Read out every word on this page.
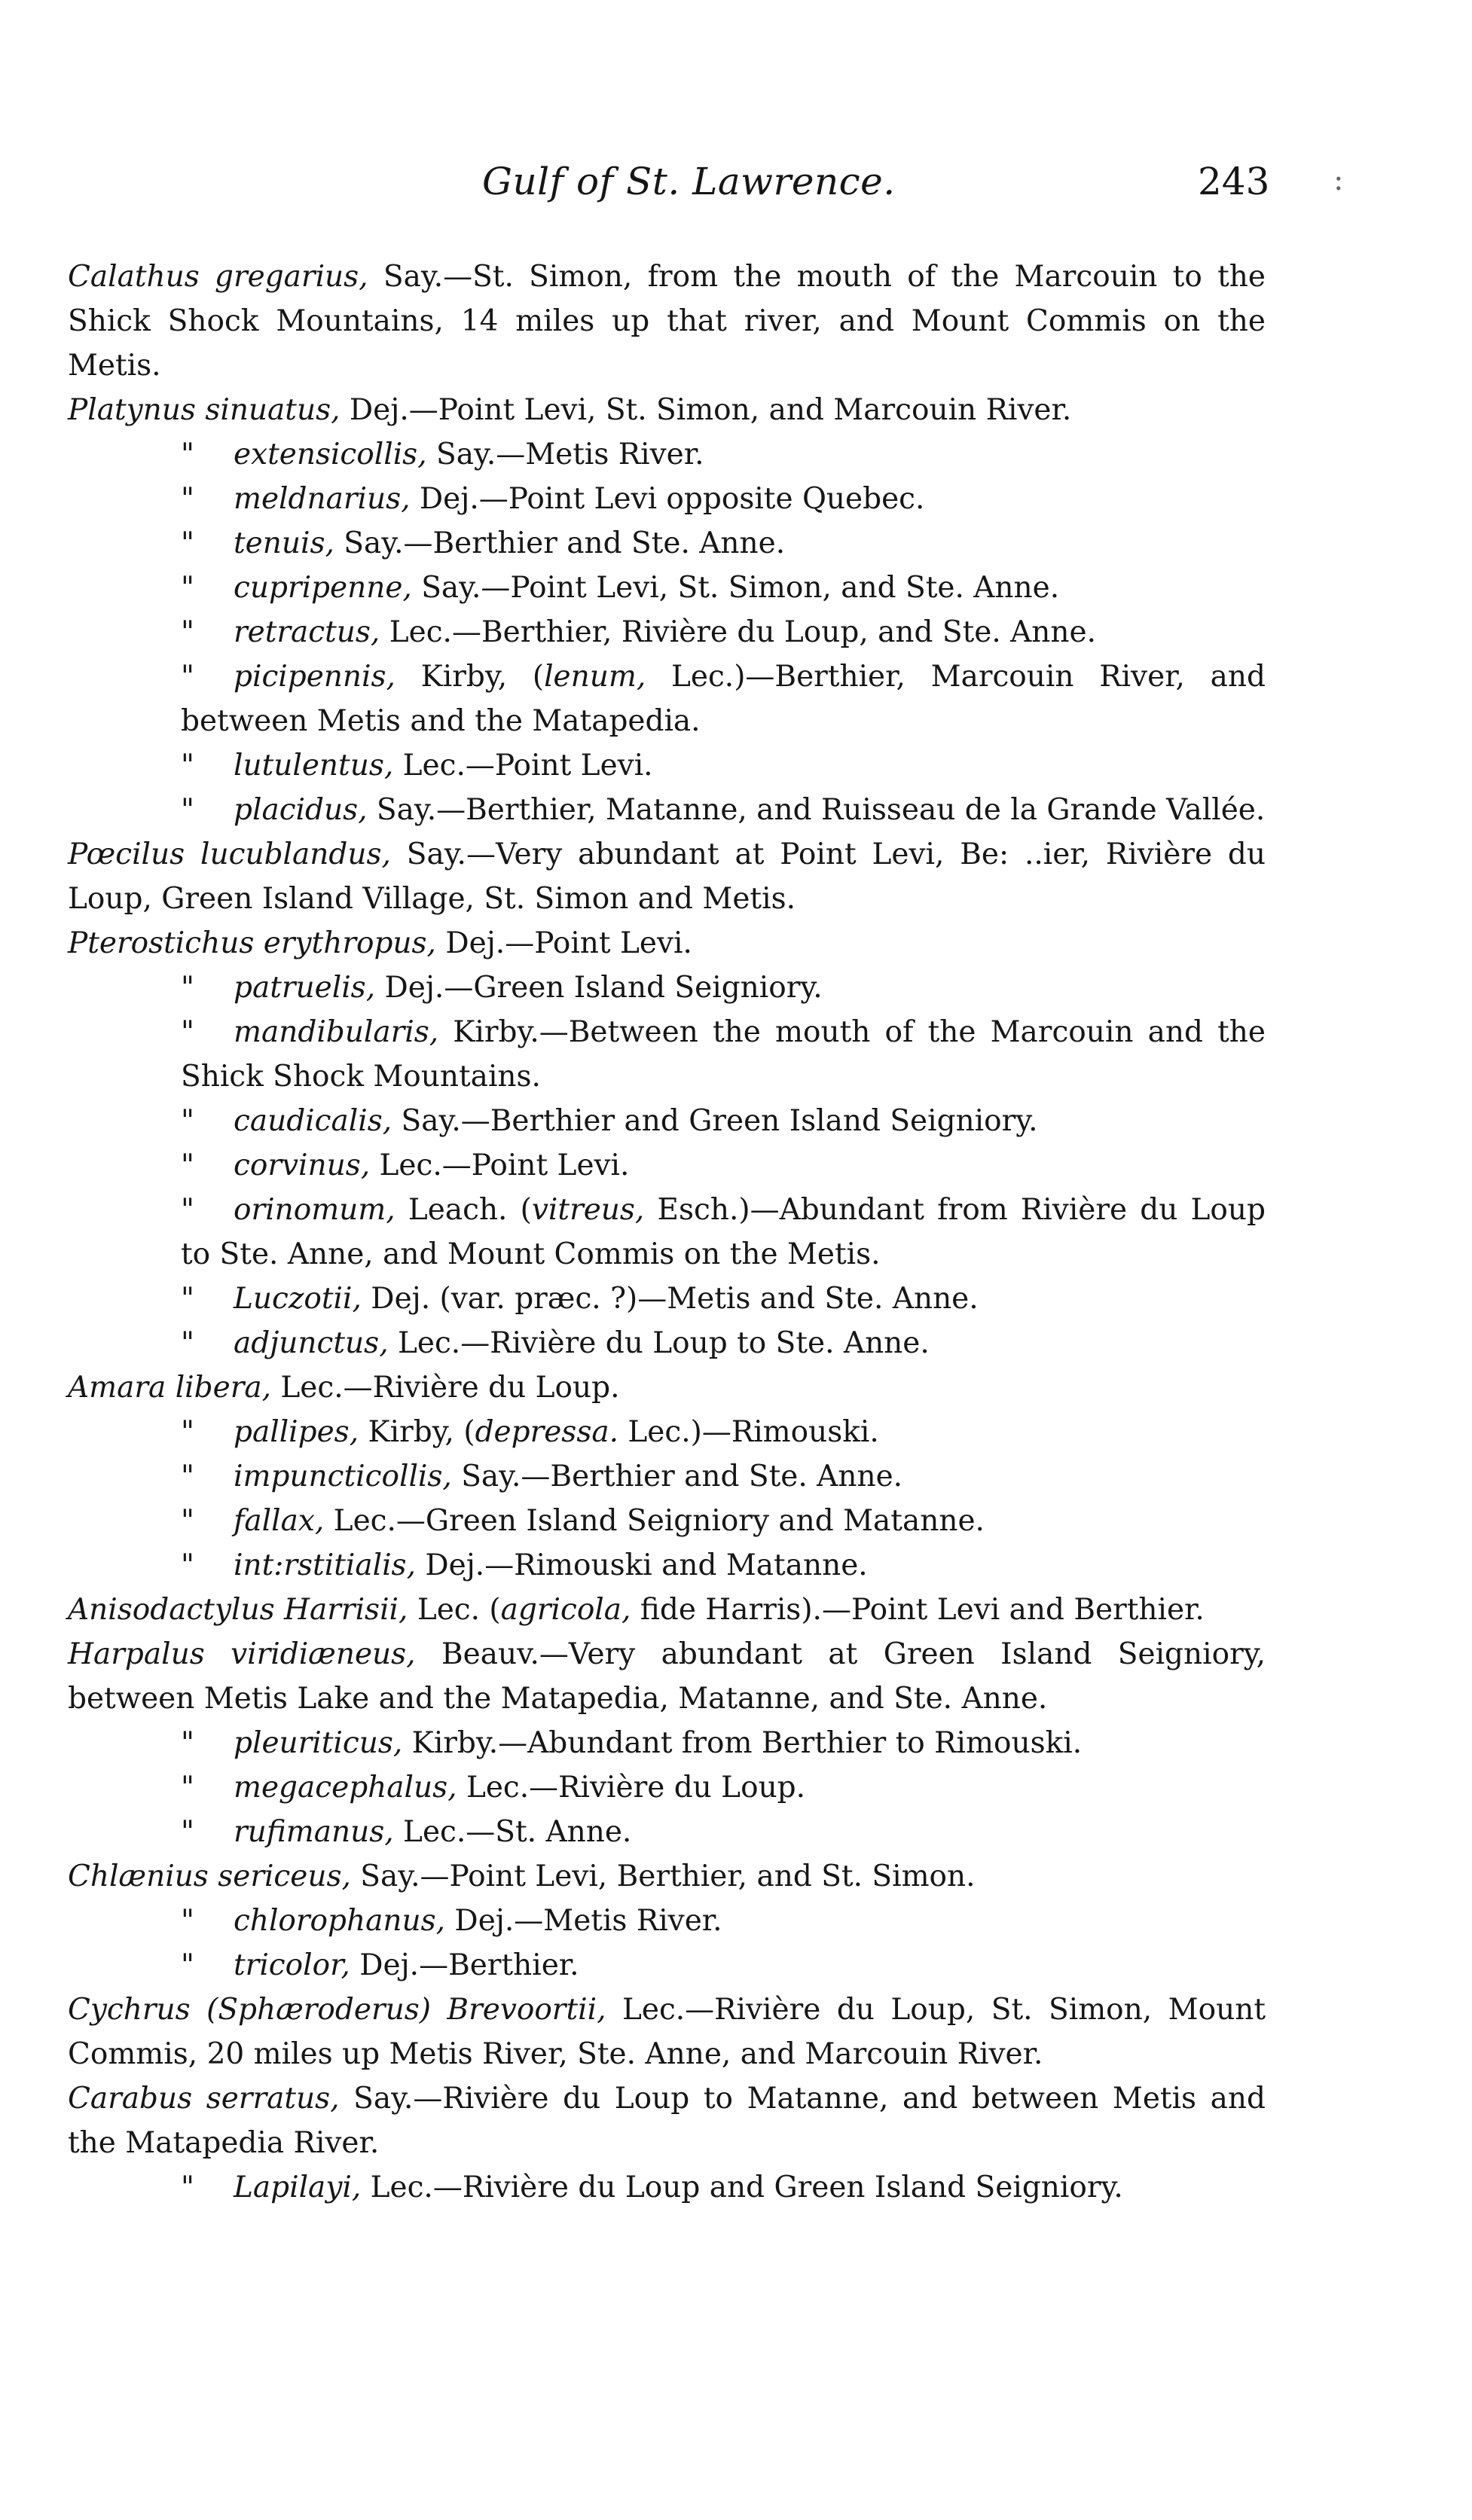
Gulf of St. Lawrence.	243 :

Calathus gregarius, Say.—St. Simon, from the mouth of the Marcouin to the Shick Shock Mountains, 14 miles up that river, and Mount Commis on the Metis.

Platynus sinuatus, Dej.—Point Levi, St. Simon, and Marcouin River.

" extensicollis, Say.—Metis River.

" meldnarius, Dej.—Point Levi opposite Quebec.

" tenuis, Say.—Berthier and Ste. Anne.

" cupripenne, Say.—Point Levi, St. Simon, and Ste. Anne.

" retractus, Lec.—Berthier, Rivière du Loup, and Ste. Anne.

" picipennis, Kirby, (lenum, Lec.)—Berthier, Marcouin River, and between Metis and the Matapedia.

" lutulentus, Lec.—Point Levi.

" placidus, Say.—Berthier, Matanne, and Ruisseau de la Grande Vallée.

Pœcilus lucublandus, Say.—Very abundant at Point Levi, Be: ..ier, Rivière du Loup, Green Island Village, St. Simon and Metis.

Pterostichus erythropus, Dej.—Point Levi.

" patruelis, Dej.—Green Island Seigniory.

" mandibularis, Kirby.—Between the mouth of the Marcouin and the Shick Shock Mountains.

" caudicalis, Say.—Berthier and Green Island Seigniory.

" corvinus, Lec.—Point Levi.

" orinomum, Leach. (vitreus, Esch.)—Abundant from Rivière du Loup to Ste. Anne, and Mount Commis on the Metis.

" Luczotii, Dej. (var. præc. ?)—Metis and Ste. Anne.

" adjunctus, Lec.—Rivière du Loup to Ste. Anne.

Amara libera, Lec.—Rivière du Loup.

" pallipes, Kirby, (depressa. Lec.)—Rimouski.

" impuncticollis, Say.—Berthier and Ste. Anne.

" fallax, Lec.—Green Island Seigniory and Matanne.

" int:rstitialis, Dej.—Rimouski and Matanne.

Anisodactylus Harrisii, Lec. (agricola, fide Harris).—Point Levi and Berthier.

Harpalus viridiæneus, Beauv.—Very abundant at Green Island Seigniory, between Metis Lake and the Matapedia, Matanne, and Ste. Anne.

" pleuriticus, Kirby.—Abundant from Berthier to Rimouski.

" megacephalus, Lec.—Rivière du Loup.

" rufimanus, Lec.—St. Anne.

Chlænius sericeus, Say.—Point Levi, Berthier, and St. Simon.

" chlorophanus, Dej.—Metis River.

" tricolor, Dej.—Berthier.

Cychrus (Sphæroderus) Brevoortii, Lec.—Rivière du Loup, St. Simon, Mount Commis, 20 miles up Metis River, Ste. Anne, and Marcouin River.

Carabus serratus, Say.—Rivière du Loup to Matanne, and between Metis and the Matapedia River.

" Lapilayi, Lec.—Rivière du Loup and Green Island Seigniory.
